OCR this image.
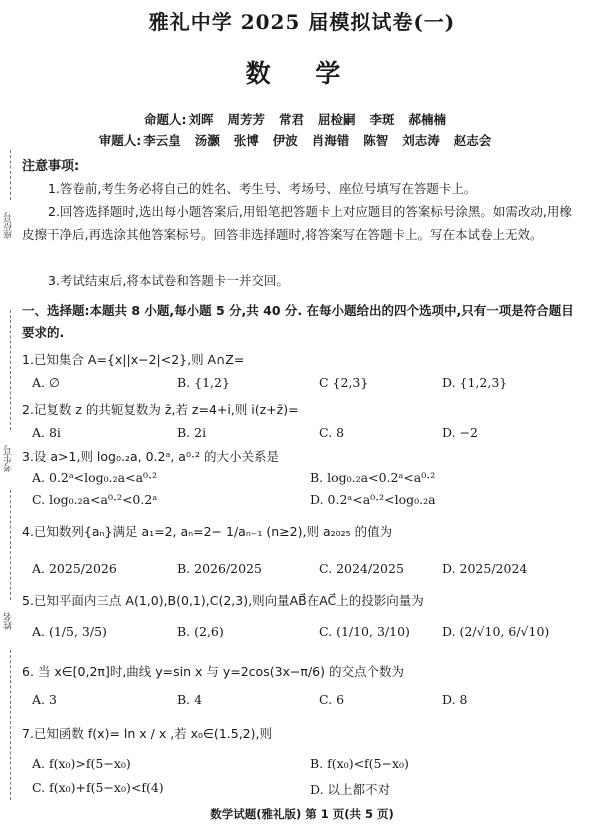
座位号
考生号
姓名
雅礼中学 2025 届模拟试卷(一)
数 学
命题人: 刘晖 周芳芳 常君 屈检嗣 李斑 郝楠楠
审题人: 李云皇 汤灏 张博 伊波 肖海错 陈智 刘志涛 赵志会
注意事项:
1.答卷前,考生务必将自己的姓名、考生号、考场号、座位号填写在答题卡上。
2.回答选择题时,选出每小题答案后,用铅笔把答题卡上对应题目的答案标号涂黑。如需改动,用橡皮擦干净后,再选涂其他答案标号。回答非选择题时,将答案写在答题卡上。写在本试卷上无效。
3.考试结束后,将本试卷和答题卡一并交回。
一、选择题:本题共 8 小题,每小题 5 分,共 40 分. 在每小题给出的四个选项中,只有一项是符合题目要求的.
1.已知集合 A={x||x−2|<2},则 A∩Z=
A. ∅	B. {1,2}	C {2,3}	D. {1,2,3}
2.记复数 z 的共轭复数为 z̄,若 z=4+i,则 i(z+z̄)=
A. 8i	B. 2i	C. 8	D. −2
3.设 a>1,则 log₀.₂a, 0.2ᵃ, a⁰·² 的大小关系是
A. 0.2ᵃ<log₀.₂a<a⁰·²	B. log₀.₂a<0.2ᵃ<a⁰·²
C. log₀.₂a<a⁰·²<0.2ᵃ	D. 0.2ᵃ<a⁰·²<log₀.₂a
4.已知数列{aₙ}满足 a₁=2, aₙ=2− 1/aₙ₋₁ (n≥2),则 a₂₀₂₅ 的值为
A. 2025/2026	B. 2026/2025	C. 2024/2025	D. 2025/2024
5.已知平面内三点 A(1,0),B(0,1),C(2,3),则向量AB⃗在AC⃗上的投影向量为
A. (1/5, 3/5)	B. (2,6)	C. (1/10, 3/10)	D. (2/√10, 6/√10)
6. 当 x∈[0,2π]时,曲线 y=sin x 与 y=2cos(3x−π/6) 的交点个数为
A. 3	B. 4	C. 6	D. 8
7.已知函数 f(x)= ln x / x ,若 x₀∈(1.5,2),则
A. f(x₀)>f(5−x₀)	B. f(x₀)<f(5−x₀)
C. f(x₀)+f(5−x₀)<f(4)	D. 以上都不对
数学试题(雅礼版) 第 1 页(共 5 页)
